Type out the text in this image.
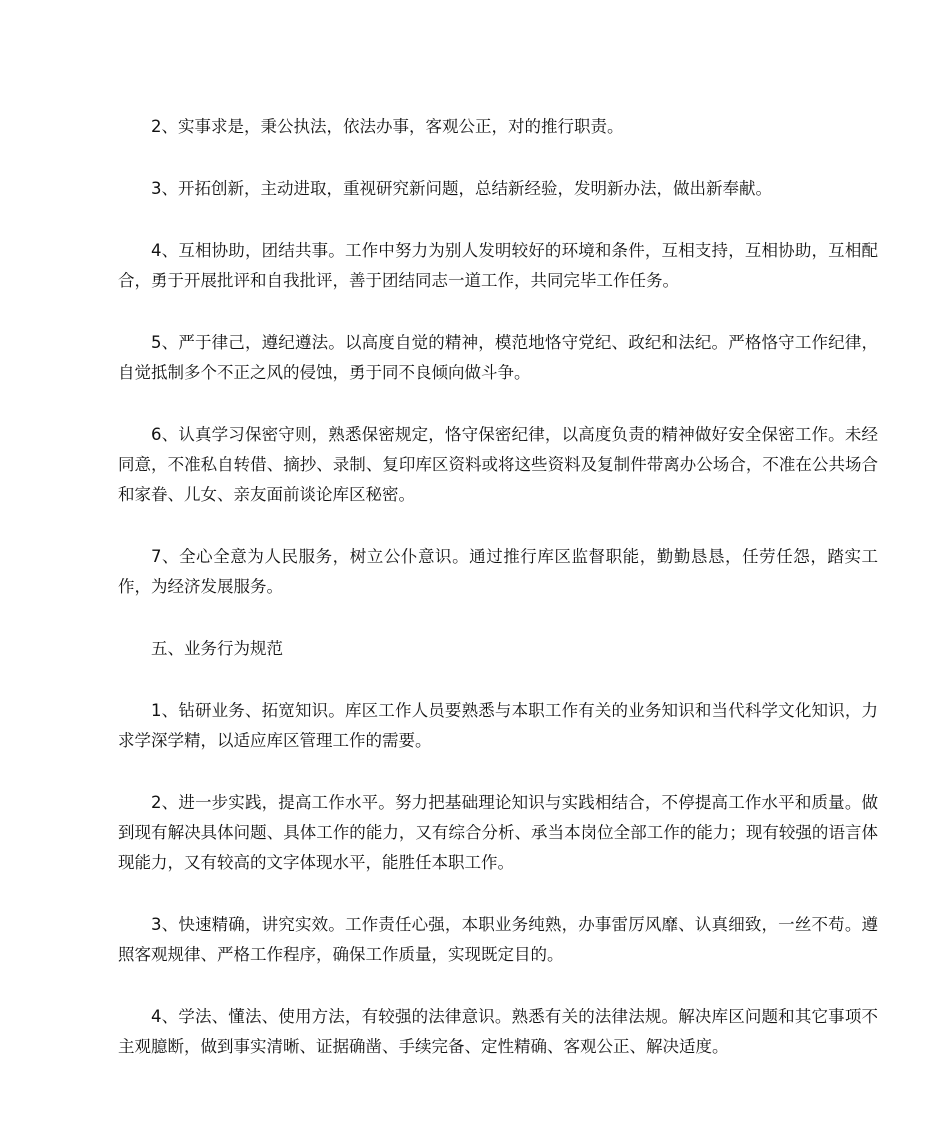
2、实事求是，秉公执法，依法办事，客观公正，对的推行职责。

3、开拓创新，主动进取，重视研究新问题，总结新经验，发明新办法，做出新奉献。

4、互相协助，团结共事。工作中努力为别人发明较好的环境和条件，互相支持，互相协助，互相配合，勇于开展批评和自我批评，善于团结同志一道工作，共同完毕工作任务。

5、严于律己，遵纪遵法。以高度自觉的精神，模范地恪守党纪、政纪和法纪。严格恪守工作纪律，自觉抵制多个不正之风的侵蚀，勇于同不良倾向做斗争。

6、认真学习保密守则，熟悉保密规定，恪守保密纪律，以高度负责的精神做好安全保密工作。未经同意，不准私自转借、摘抄、录制、复印库区资料或将这些资料及复制件带离办公场合，不准在公共场合和家眷、儿女、亲友面前谈论库区秘密。

7、全心全意为人民服务，树立公仆意识。通过推行库区监督职能，勤勤恳恳，任劳任怨，踏实工作，为经济发展服务。

五、业务行为规范

1、钻研业务、拓宽知识。库区工作人员要熟悉与本职工作有关的业务知识和当代科学文化知识，力求学深学精，以适应库区管理工作的需要。

2、进一步实践，提高工作水平。努力把基础理论知识与实践相结合，不停提高工作水平和质量。做到现有解决具体问题、具体工作的能力，又有综合分析、承当本岗位全部工作的能力；现有较强的语言体现能力，又有较高的文字体现水平，能胜任本职工作。

3、快速精确，讲究实效。工作责任心强，本职业务纯熟，办事雷厉风靡、认真细致，一丝不苟。遵照客观规律、严格工作程序，确保工作质量，实现既定目的。

4、学法、懂法、使用方法，有较强的法律意识。熟悉有关的法律法规。解决库区问题和其它事项不主观臆断，做到事实清晰、证据确凿、手续完备、定性精确、客观公正、解决适度。
